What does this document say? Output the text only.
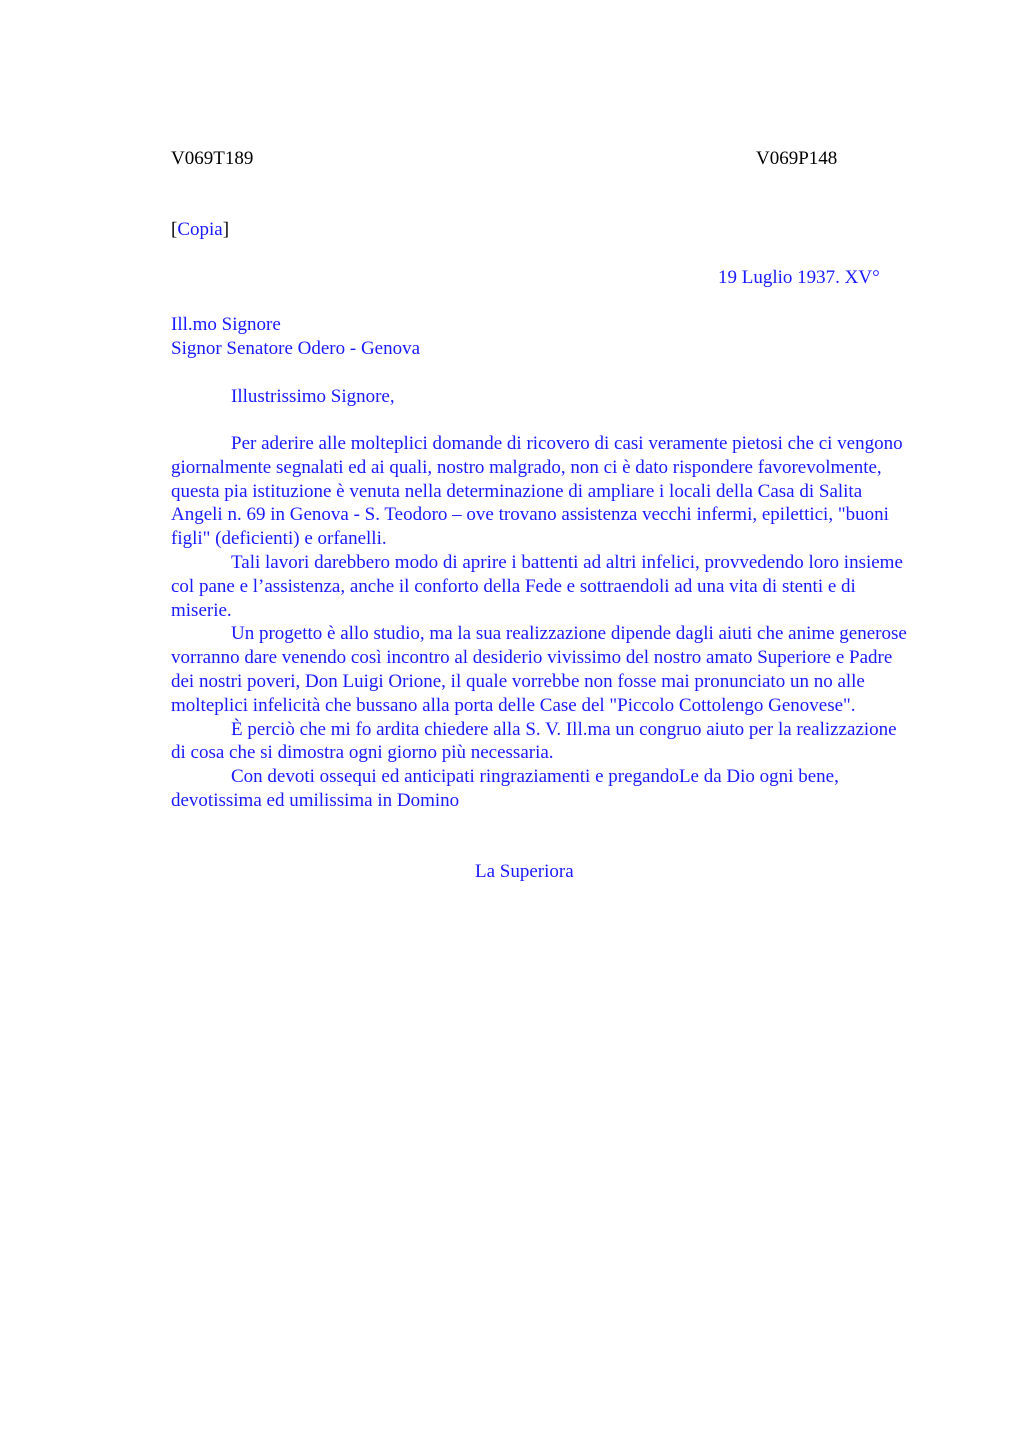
V069T189	V069P148
[Copia]
19 Luglio 1937. XV°
Ill.mo Signore
Signor Senatore Odero - Genova
Illustrissimo Signore,

Per aderire alle molteplici domande di ricovero di casi veramente pietosi che ci vengono giornalmente segnalati ed ai quali, nostro malgrado, non ci è dato rispondere favorevolmente, questa pia istituzione è venuta nella determinazione di ampliare i locali della Casa di Salita Angeli n. 69 in Genova - S. Teodoro – ove trovano assistenza vecchi infermi, epilettici, "buoni figli" (deficienti) e orfanelli.

Tali lavori darebbero modo di aprire i battenti ad altri infelici, provvedendo loro insieme col pane e l’assistenza, anche il conforto della Fede e sottraendoli ad una vita di stenti e di miserie.

Un progetto è allo studio, ma la sua realizzazione dipende dagli aiuti che anime generose vorranno dare venendo così incontro al desiderio vivissimo del nostro amato Superiore e Padre dei nostri poveri, Don Luigi Orione, il quale vorrebbe non fosse mai pronunciato un no alle molteplici infelicità che bussano alla porta delle Case del "Piccolo Cottolengo Genovese".

È perciò che mi fo ardita chiedere alla S. V. Ill.ma un congruo aiuto per la realizzazione di cosa che si dimostra ogni giorno più necessaria.

Con devoti ossequi ed anticipati ringraziamenti e pregandoLe da Dio ogni bene, devotissima ed umilissima in Domino

La Superiora
